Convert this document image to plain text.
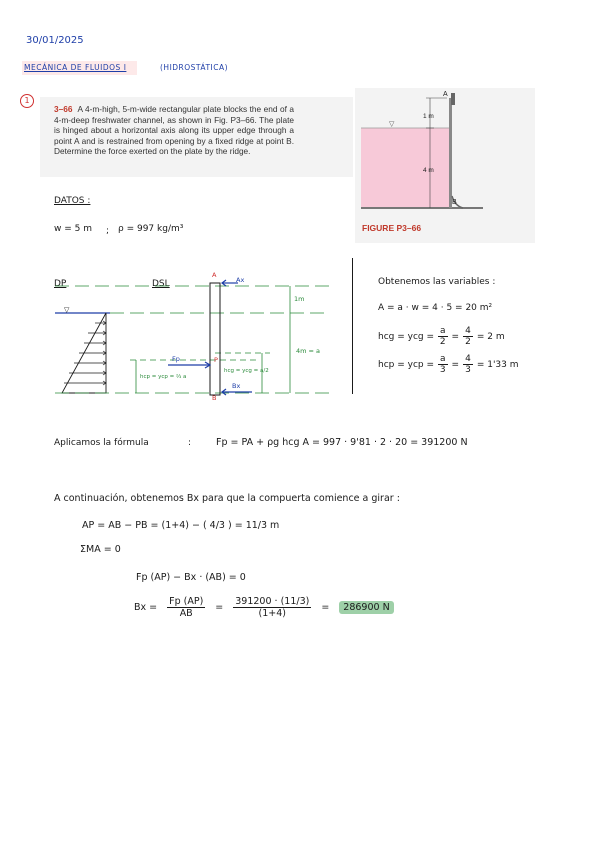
30/01/2025
MECÁNICA DE FLUIDOS I	(HIDROSTÁTICA)
1
3–66 A 4-m-high, 5-m-wide rectangular plate blocks the end of a 4-m-deep freshwater channel, as shown in Fig. P3–66. The plate is hinged about a horizontal axis along its upper edge through a point A and is restrained from opening by a fixed ridge at point B. Determine the force exerted on the plate by the ridge.
▽
A
B
1 m
4 m
FIGURE P3–66
DATOS :
w = 5 m ; ρ = 997 kg/m³
DP	DSL
▽
A
Ax
P
B
Bx
Fp
1m
4m = a
hcp = ycp = ⅔ a
hcg = ycg = a/2
Obtenemos las variables :
A = a · w = 4 · 5 = 20 m²
hcg = ycg = $\frac{a}{2} = \frac{4}{2} = 2$ m
hcp = ycp = $\frac{a}{3} = \frac{4}{3} = 1'33$ m
Aplicamos la fórmula	:	Fp = PA + ρg hcg A = 997 · 9'81 · 2 · 20 = 391200 N
A continuación, obtenemos Bx para que la compuerta comience a girar :
AP = AB − PB = (1+4) − ( 4/3 ) = 11/3 m
ΣMA = 0
Fp (AP) − Bx · (AB) = 0
$Bx = \frac{Fp (AP)}{AB} = \frac{391200 \cdot (11/3)}{(1+4)}$ =	286900 N
